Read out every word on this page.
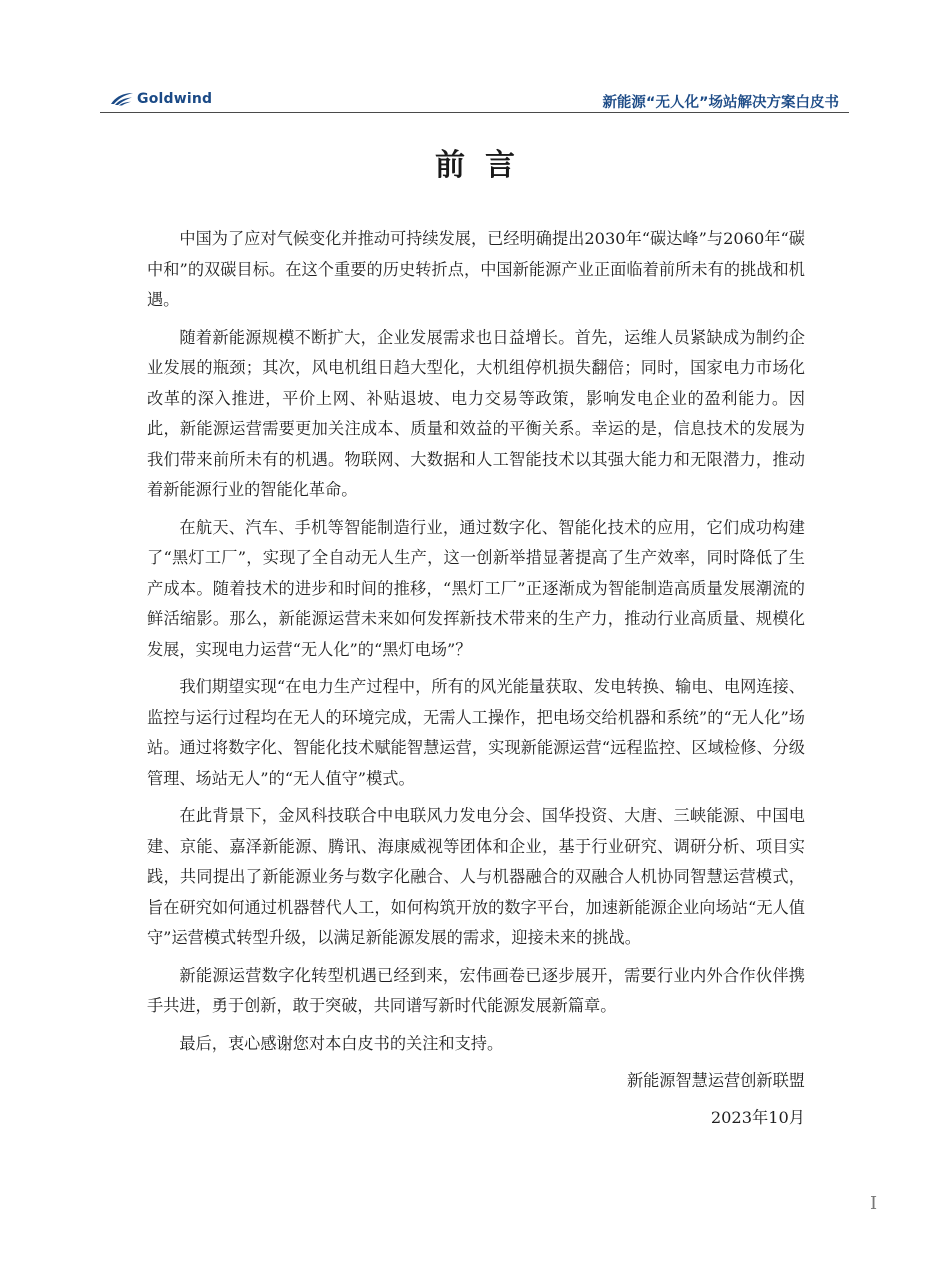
Goldwind	新能源“无人化”场站解决方案白皮书
前言

中国为了应对气候变化并推动可持续发展，已经明确提出2030年“碳达峰”与2060年“碳中和”的双碳目标。在这个重要的历史转折点，中国新能源产业正面临着前所未有的挑战和机遇。

随着新能源规模不断扩大，企业发展需求也日益增长。首先，运维人员紧缺成为制约企业发展的瓶颈；其次，风电机组日趋大型化，大机组停机损失翻倍；同时，国家电力市场化改革的深入推进，平价上网、补贴退坡、电力交易等政策，影响发电企业的盈利能力。因此，新能源运营需要更加关注成本、质量和效益的平衡关系。幸运的是，信息技术的发展为我们带来前所未有的机遇。物联网、大数据和人工智能技术以其强大能力和无限潜力，推动着新能源行业的智能化革命。

在航天、汽车、手机等智能制造行业，通过数字化、智能化技术的应用，它们成功构建了“黑灯工厂”，实现了全自动无人生产，这一创新举措显著提高了生产效率，同时降低了生产成本。随着技术的进步和时间的推移，“黑灯工厂”正逐渐成为智能制造高质量发展潮流的鲜活缩影。那么，新能源运营未来如何发挥新技术带来的生产力，推动行业高质量、规模化发展，实现电力运营“无人化”的“黑灯电场”？

我们期望实现“在电力生产过程中，所有的风光能量获取、发电转换、输电、电网连接、监控与运行过程均在无人的环境完成，无需人工操作，把电场交给机器和系统”的“无人化”场站。通过将数字化、智能化技术赋能智慧运营，实现新能源运营“远程监控、区域检修、分级管理、场站无人”的“无人值守”模式。

在此背景下，金风科技联合中电联风力发电分会、国华投资、大唐、三峡能源、中国电建、京能、嘉泽新能源、腾讯、海康威视等团体和企业，基于行业研究、调研分析、项目实践，共同提出了新能源业务与数字化融合、人与机器融合的双融合人机协同智慧运营模式，旨在研究如何通过机器替代人工，如何构筑开放的数字平台，加速新能源企业向场站“无人值守”运营模式转型升级，以满足新能源发展的需求，迎接未来的挑战。

新能源运营数字化转型机遇已经到来，宏伟画卷已逐步展开，需要行业内外合作伙伴携手共进，勇于创新，敢于突破，共同谱写新时代能源发展新篇章。

最后，衷心感谢您对本白皮书的关注和支持。

新能源智慧运营创新联盟
2023年10月
I
